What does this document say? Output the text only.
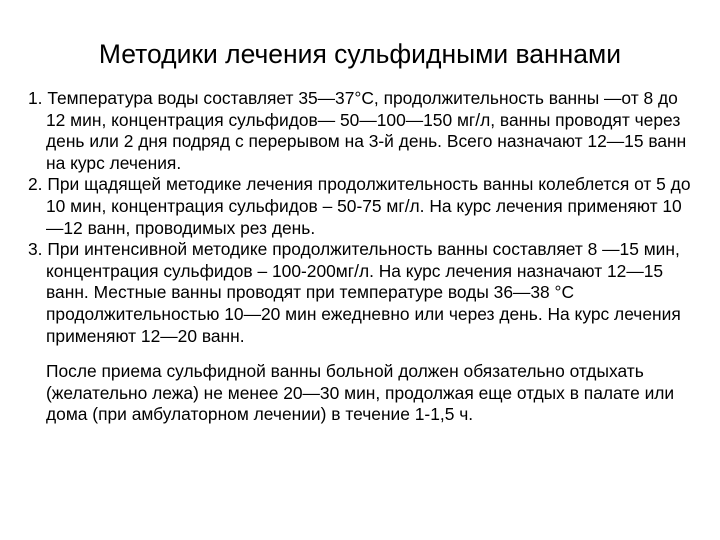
Методики лечения сульфидными ваннами

1. Температура воды составляет 35—37°С, продолжительность ванны —от 8 до 12 мин, концентрация сульфидов— 50—100—150 мг/л, ванны проводят через день или 2 дня подряд с перерывом на 3-й день. Всего назначают 12—15 ванн на курс лечения.

2. При щадящей методике лечения продолжительность ванны колеблется от 5 до 10 мин, концентрация сульфидов – 50-75 мг/л. На курс лечения применяют 10—12 ванн, проводимых рез день.

3. При интенсивной методике продолжительность ванны составляет 8 —15 мин, концентрация сульфидов – 100-200мг/л. На курс лечения назначают 12—15 ванн. Местные ванны проводят при температуре воды 36—38 °С продолжительностью 10—20 мин ежедневно или через день. На курс лечения применяют 12—20 ванн.

После приема сульфидной ванны больной должен обязательно отдыхать (желательно лежа) не менее 20—30 мин, продолжая еще отдых в палате или дома (при амбулаторном лечении) в течение 1-1,5 ч.
